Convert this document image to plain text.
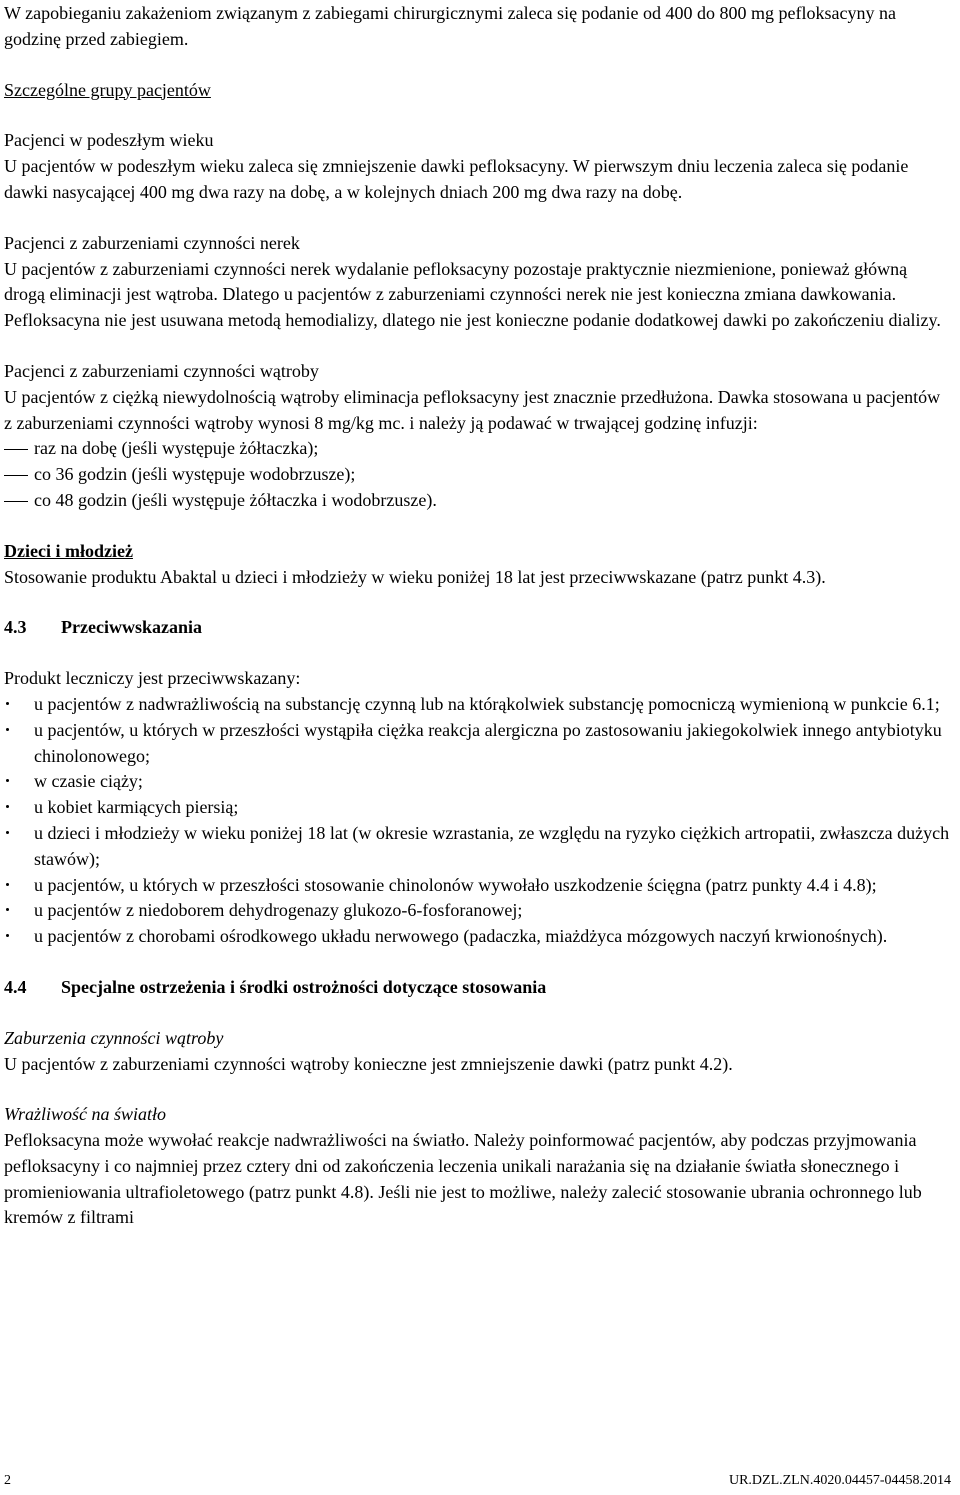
W zapobieganiu zakażeniom związanym z zabiegami chirurgicznymi zaleca się podanie od 400 do 800 mg pefloksacyny na godzinę przed zabiegiem.

Szczególne grupy pacjentów

Pacjenci w podeszłym wieku

U pacjentów w podeszłym wieku zaleca się zmniejszenie dawki pefloksacyny. W pierwszym dniu leczenia zaleca się podanie dawki nasycającej 400 mg dwa razy na dobę, a w kolejnych dniach 200 mg dwa razy na dobę.

Pacjenci z zaburzeniami czynności nerek

U pacjentów z zaburzeniami czynności nerek wydalanie pefloksacyny pozostaje praktycznie niezmienione, ponieważ główną drogą eliminacji jest wątroba. Dlatego u pacjentów z zaburzeniami czynności nerek nie jest konieczna zmiana dawkowania.

Pefloksacyna nie jest usuwana metodą hemodializy, dlatego nie jest konieczne podanie dodatkowej dawki po zakończeniu dializy.

Pacjenci z zaburzeniami czynności wątroby

U pacjentów z ciężką niewydolnością wątroby eliminacja pefloksacyny jest znacznie przedłużona. Dawka stosowana u pacjentów z zaburzeniami czynności wątroby wynosi 8 mg/kg mc. i należy ją podawać w trwającej godzinę infuzji:

raz na dobę (jeśli występuje żółtaczka);
co 36 godzin (jeśli występuje wodobrzusze);
co 48 godzin (jeśli występuje żółtaczka i wodobrzusze).

Dzieci i młodzież

Stosowanie produktu Abaktal u dzieci i młodzieży w wieku poniżej 18 lat jest przeciwwskazane (patrz punkt 4.3).

4.3	Przeciwwskazania

Produkt leczniczy jest przeciwwskazany:

u pacjentów z nadwrażliwością na substancję czynną lub na którąkolwiek substancję pomocniczą wymienioną w punkcie 6.1;
u pacjentów, u których w przeszłości wystąpiła ciężka reakcja alergiczna po zastosowaniu jakiegokolwiek innego antybiotyku chinolonowego;
w czasie ciąży;
u kobiet karmiących piersią;
u dzieci i młodzieży w wieku poniżej 18 lat (w okresie wzrastania, ze względu na ryzyko ciężkich artropatii, zwłaszcza dużych stawów);
u pacjentów, u których w przeszłości stosowanie chinolonów wywołało uszkodzenie ścięgna (patrz punkty 4.4 i 4.8);
u pacjentów z niedoborem dehydrogenazy glukozo-6-fosforanowej;
u pacjentów z chorobami ośrodkowego układu nerwowego (padaczka, miażdżyca mózgowych naczyń krwionośnych).
4.4	Specjalne ostrzeżenia i środki ostrożności dotyczące stosowania

Zaburzenia czynności wątroby

U pacjentów z zaburzeniami czynności wątroby konieczne jest zmniejszenie dawki (patrz punkt 4.2).

Wrażliwość na światło

Pefloksacyna może wywołać reakcje nadwrażliwości na światło. Należy poinformować pacjentów, aby podczas przyjmowania pefloksacyny i co najmniej przez cztery dni od zakończenia leczenia unikali narażania się na działanie światła słonecznego i promieniowania ultrafioletowego (patrz punkt 4.8). Jeśli nie jest to możliwe, należy zalecić stosowanie ubrania ochronnego lub kremów z filtrami

2	UR.DZL.ZLN.4020.04457-04458.2014
